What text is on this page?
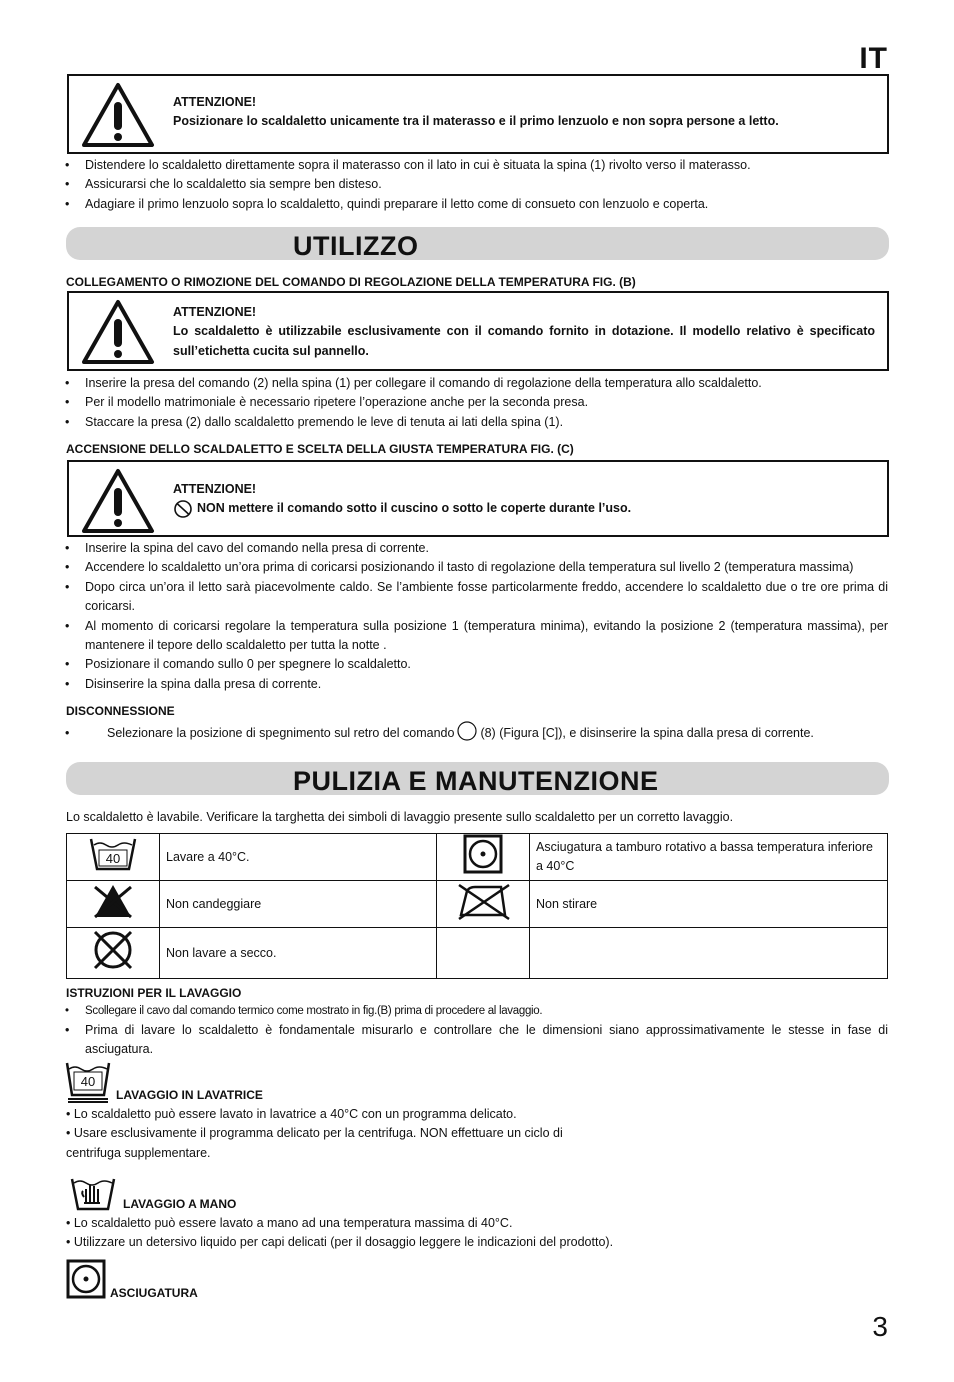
IT
ATTENZIONE!
Posizionare lo scaldaletto unicamente tra il materasso e il primo lenzuolo e non sopra persone a letto.
• Distendere lo scaldaletto direttamente sopra il materasso con il lato in cui è situata la spina (1) rivolto verso il materasso.
• Assicurarsi che lo scaldaletto sia sempre ben disteso.
• Adagiare il primo lenzuolo sopra lo scaldaletto, quindi preparare il letto come di consueto con lenzuolo e coperta.
UTILIZZO
COLLEGAMENTO O RIMOZIONE DEL COMANDO DI REGOLAZIONE DELLA TEMPERATURA FIG. (B)
ATTENZIONE!
Lo scaldaletto è utilizzabile esclusivamente con il comando fornito in dotazione. Il modello relativo è specificato sull’etichetta cucita sul pannello.
• Inserire la presa del comando (2) nella spina (1) per collegare il comando di regolazione della temperatura allo scaldaletto.
• Per il modello matrimoniale è necessario ripetere l’operazione anche per la seconda presa.
• Staccare la presa (2) dallo scaldaletto premendo le leve di tenuta ai lati della spina (1).
ACCENSIONE DELLO SCALDALETTO E SCELTA DELLA GIUSTA TEMPERATURA FIG. (C)
ATTENZIONE!
NON mettere il comando sotto il cuscino o sotto le coperte durante l’uso.
• Inserire la spina del cavo del comando nella presa di corrente.
• Accendere lo scaldaletto un’ora prima di coricarsi posizionando il tasto di regolazione della temperatura sul livello 2 (temperatura massima)
• Dopo circa un’ora il letto sarà piacevolmente caldo. Se l’ambiente fosse particolarmente freddo, accendere lo scaldaletto due o tre ore prima di coricarsi.
• Al momento di coricarsi regolare la temperatura sulla posizione 1 (temperatura minima), evitando la posizione 2 (temperatura massima), per mantenere il tepore dello scaldaletto per tutta la notte .
• Posizionare il comando sullo 0 per spegnere lo scaldaletto.
• Disinserire la spina dalla presa di corrente.
DISCONNESSIONE
•	Selezionare la posizione di spegnimento sul retro del comando (8) (Figura [C]), e disinserire la spina dalla presa di corrente.
PULIZIA E MANUTENZIONE
Lo scaldaletto è lavabile. Verificare la targhetta dei simboli di lavaggio presente sullo scaldaletto per un corretto lavaggio.
40	Lavare a 40°C.		Asciugatura a tamburo rotativo a bassa temperatura inferiore a 40°C
	Non candeggiare		Non stirare
	Non lavare a secco.		
ISTRUZIONI PER IL LAVAGGIO
• Scollegare il cavo dal comando termico come mostrato in fig.(B) prima di procedere al lavaggio.
• Prima di lavare lo scaldaletto è fondamentale misurarlo e controllare che le dimensioni siano approssimativamente le stesse in fase di asciugatura.
40
LAVAGGIO IN LAVATRICE
• Lo scaldaletto può essere lavato in lavatrice a 40°C con un programma delicato.
• Usare esclusivamente il programma delicato per la centrifuga. NON effettuare un ciclo di
centrifuga supplementare.
LAVAGGIO A MANO
• Lo scaldaletto può essere lavato a mano ad una temperatura massima di 40°C.
• Utilizzare un detersivo liquido per capi delicati (per il dosaggio leggere le indicazioni del prodotto).
ASCIUGATURA
3
